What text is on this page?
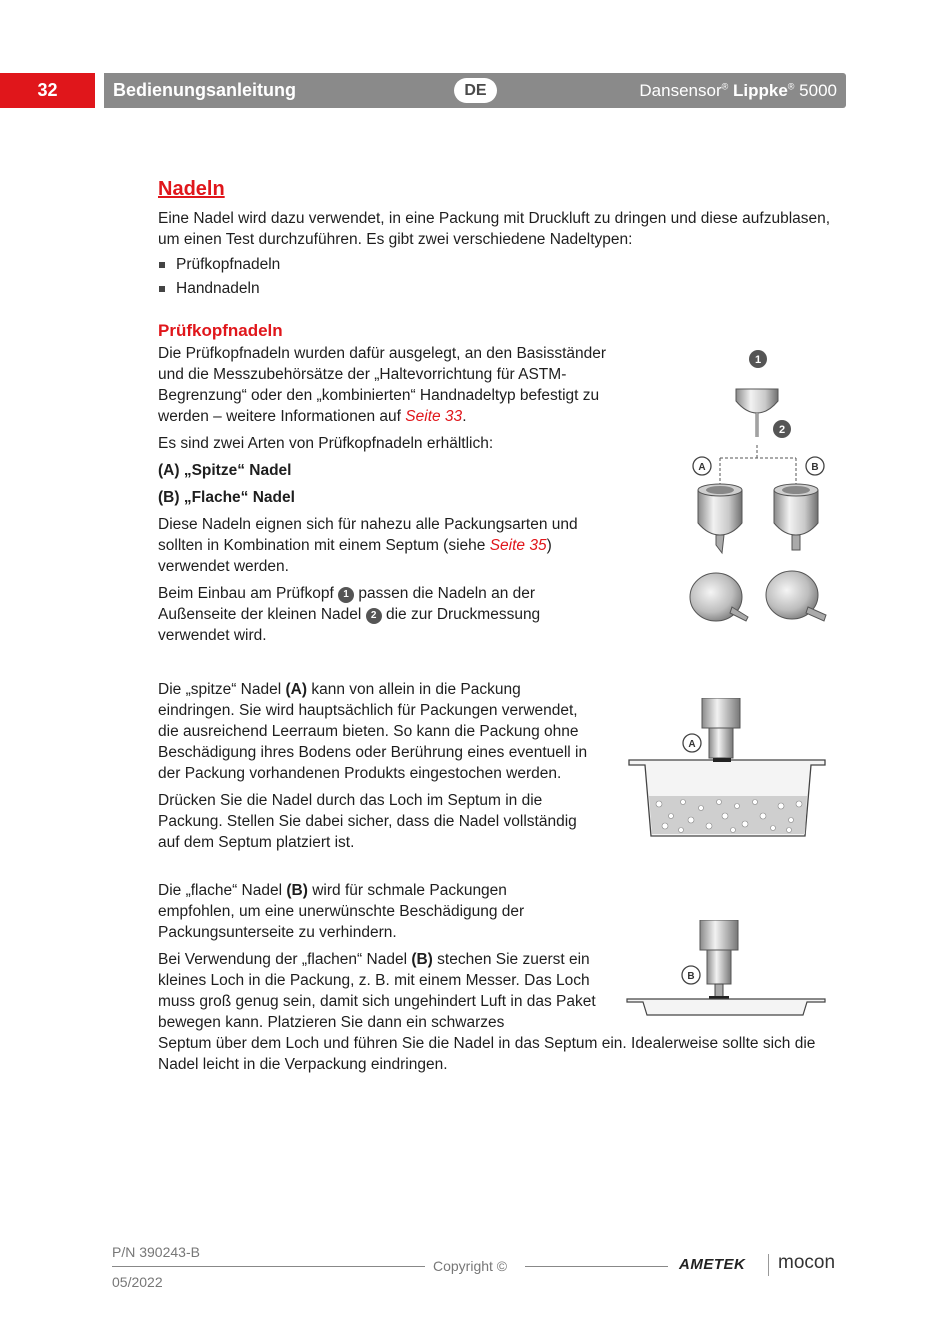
32	Bedienungsanleitung	DE	Dansensor® Lippke® 5000
Nadeln

Eine Nadel wird dazu verwendet, in eine Packung mit Druckluft zu dringen und diese aufzublasen, um einen Test durchzuführen. Es gibt zwei verschiedene Nadeltypen:

Prüfkopfnadeln
Handnadeln
Prüfkopfnadeln

Die Prüfkopfnadeln wurden dafür ausgelegt, an den Basisständer und die Messzubehörsätze der „Haltevorrichtung für ASTM-Begrenzung“ oder den „kombinierten“ Handnadeltyp befestigt zu werden – weitere Informationen auf Seite 33.

Es sind zwei Arten von Prüfkopfnadeln erhältlich:

(A) „Spitze“ Nadel

(B) „Flache“ Nadel

Diese Nadeln eignen sich für nahezu alle Packungsarten und sollten in Kombination mit einem Septum (siehe Seite 35) verwendet werden.

Beim Einbau am Prüfkopf 1 passen die Nadeln an der Außenseite der kleinen Nadel 2 die zur Druckmessung verwendet wird.

Die „spitze“ Nadel (A) kann von allein in die Packung eindringen. Sie wird hauptsächlich für Packungen verwendet, die ausreichend Leerraum bieten. So kann die Packung ohne Beschädigung ihres Bodens oder Berührung eines eventuell in der Packung vorhandenen Produkts eingestochen werden.

Drücken Sie die Nadel durch das Loch im Septum in die Packung. Stellen Sie dabei sicher, dass die Nadel vollständig auf dem Septum platziert ist.

Die „flache“ Nadel (B) wird für schmale Packungen empfohlen, um eine unerwünschte Beschädigung der Packungsunterseite zu verhindern.

Bei Verwendung der „flachen“ Nadel (B) stechen Sie zuerst ein kleines Loch in die Packung, z. B. mit einem Messer. Das Loch muss groß genug sein, damit sich ungehindert Luft in das Paket bewegen kann. Platzieren Sie dann ein schwarzes

Septum über dem Loch und führen Sie die Nadel in das Septum ein. Idealerweise sollte sich die Nadel leicht in die Verpackung eindringen.

1
2
A	B
A
B
P/N 390243-B
Copyright ©
05/2022
AMETEK mocon
